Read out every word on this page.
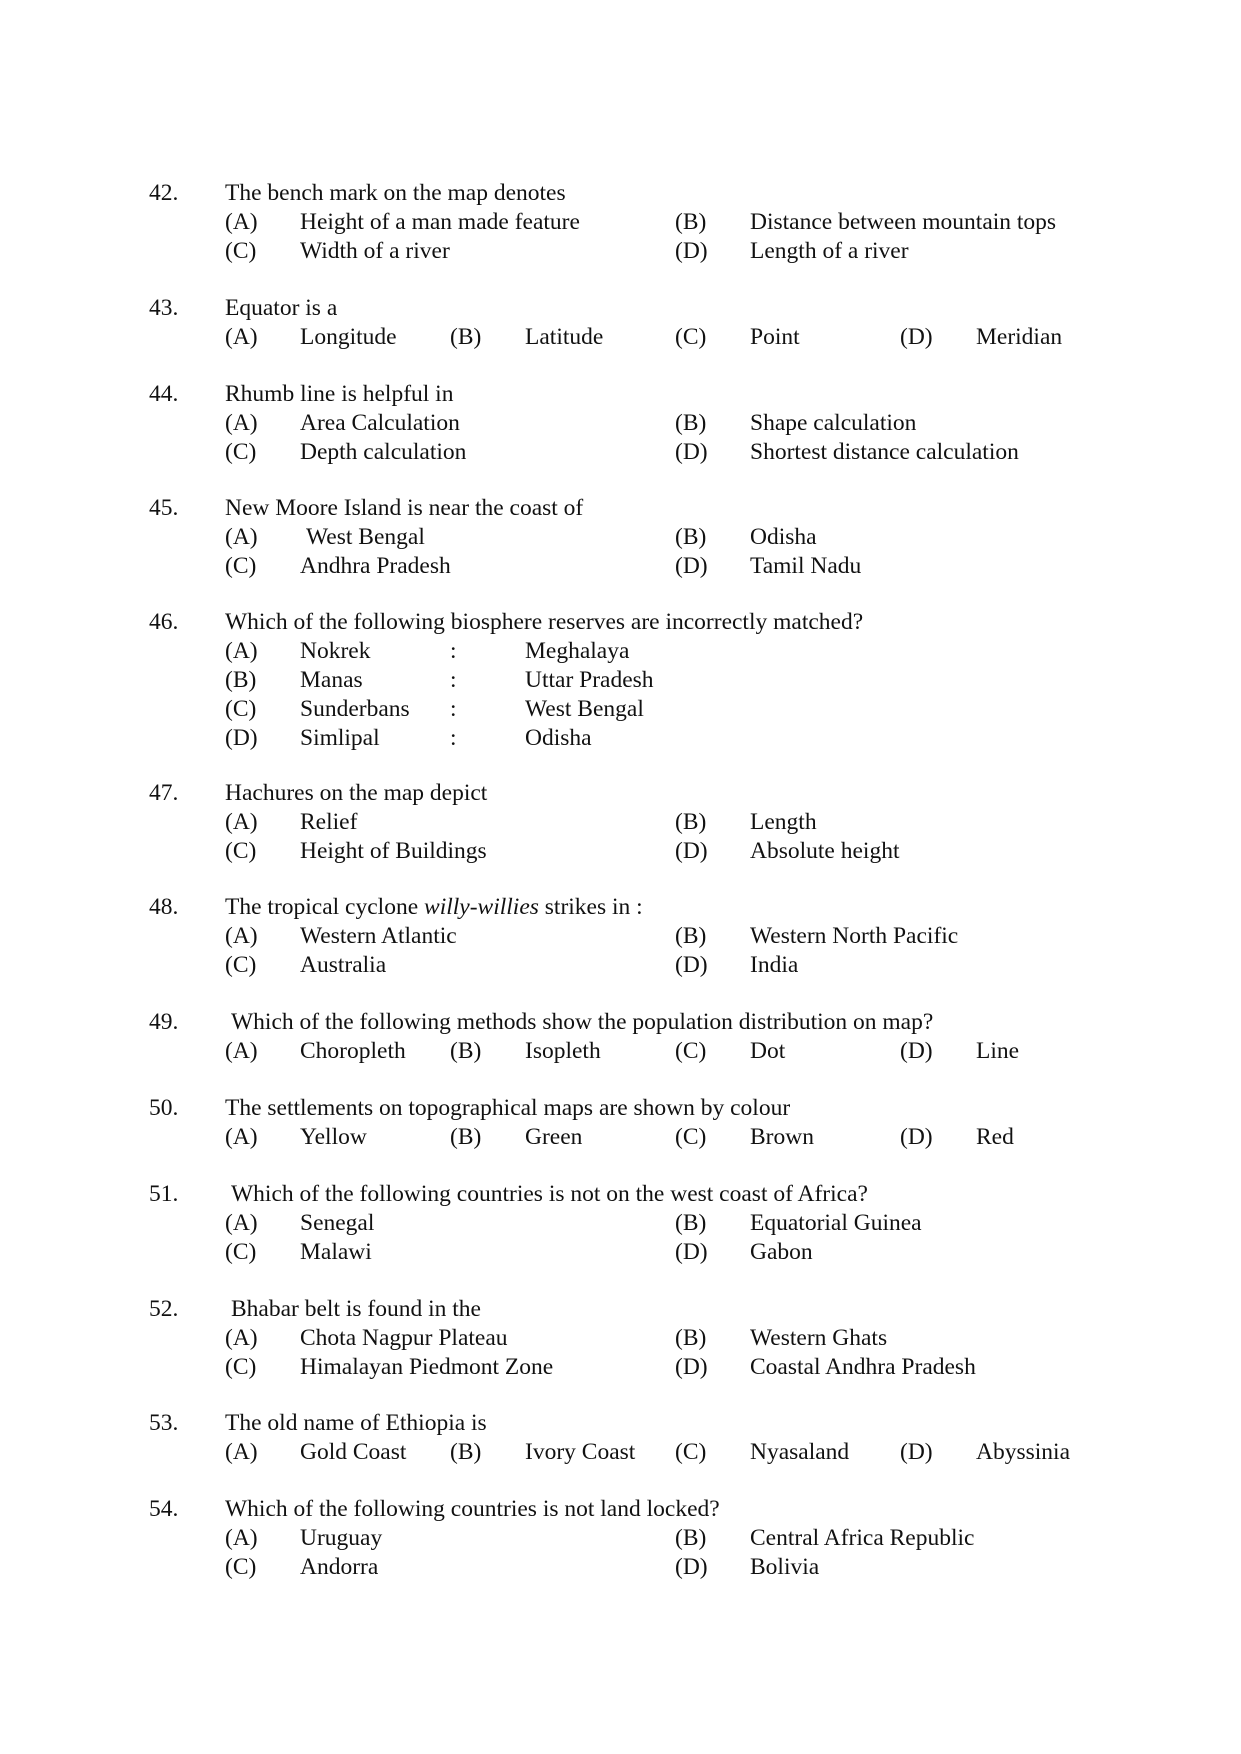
42. The bench mark on the map denotes
(A) Height of a man made feature	(B) Distance between mountain tops
(C) Width of a river	(D) Length of a river
43. Equator is a
(A) Longitude (B) Latitude	(C) Point	(D) Meridian
44. Rhumb line is helpful in
(A) Area Calculation	(B) Shape calculation
(C) Depth calculation	(D) Shortest distance calculation
45. New Moore Island is near the coast of
(A) West Bengal	(B) Odisha
(C) Andhra Pradesh	(D) Tamil Nadu
46. Which of the following biosphere reserves are incorrectly matched?
(A) Nokrek	:	Meghalaya
(B) Manas	:	Uttar Pradesh
(C) Sunderbans :	West Bengal
(D) Simlipal	:	Odisha
47. Hachures on the map depict
(A) Relief	(B) Length
(C) Height of Buildings	(D) Absolute height
48. The tropical cyclone willy-willies strikes in :
(A) Western Atlantic	(B) Western North Pacific
(C) Australia	(D) India
49. Which of the following methods show the population distribution on map?
(A) Choropleth (B) Isopleth	(C) Dot	(D) Line
50. The settlements on topographical maps are shown by colour
(A) Yellow	(B) Green	(C) Brown	(D) Red
51. Which of the following countries is not on the west coast of Africa?
(A) Senegal	(B) Equatorial Guinea
(C) Malawi	(D) Gabon
52. Bhabar belt is found in the
(A) Chota Nagpur Plateau	(B) Western Ghats
(C) Himalayan Piedmont Zone	(D) Coastal Andhra Pradesh
53. The old name of Ethiopia is
(A) Gold Coast (B) Ivory Coast (C) Nyasaland (D) Abyssinia
54. Which of the following countries is not land locked?
(A) Uruguay	(B) Central Africa Republic
(C) Andorra	(D) Bolivia
